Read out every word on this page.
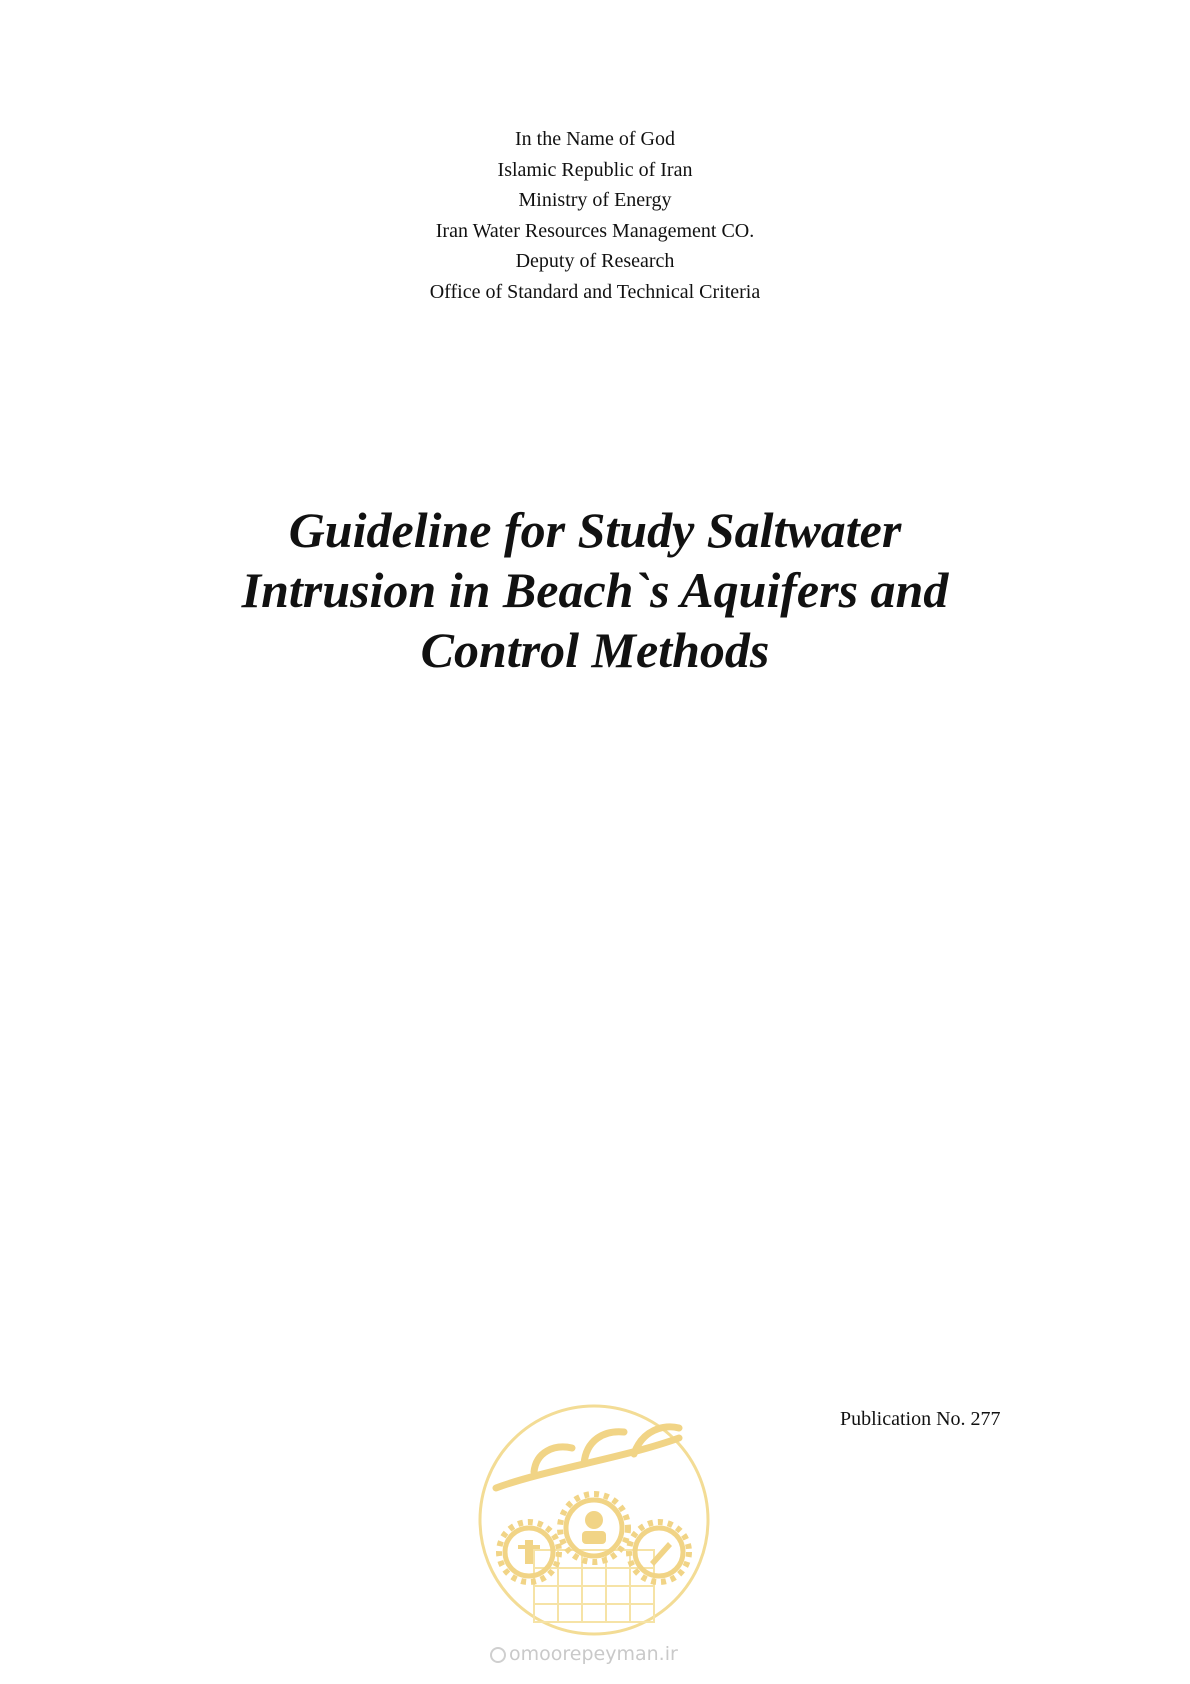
In the Name of God
Islamic Republic of Iran
Ministry of Energy
Iran Water Resources Management CO.
Deputy of Research
Office of Standard and Technical Criteria
Guideline for Study Saltwater
Intrusion in Beach`s Aquifers and
Control Methods
Publication No. 277
omoorepeyman.ir
